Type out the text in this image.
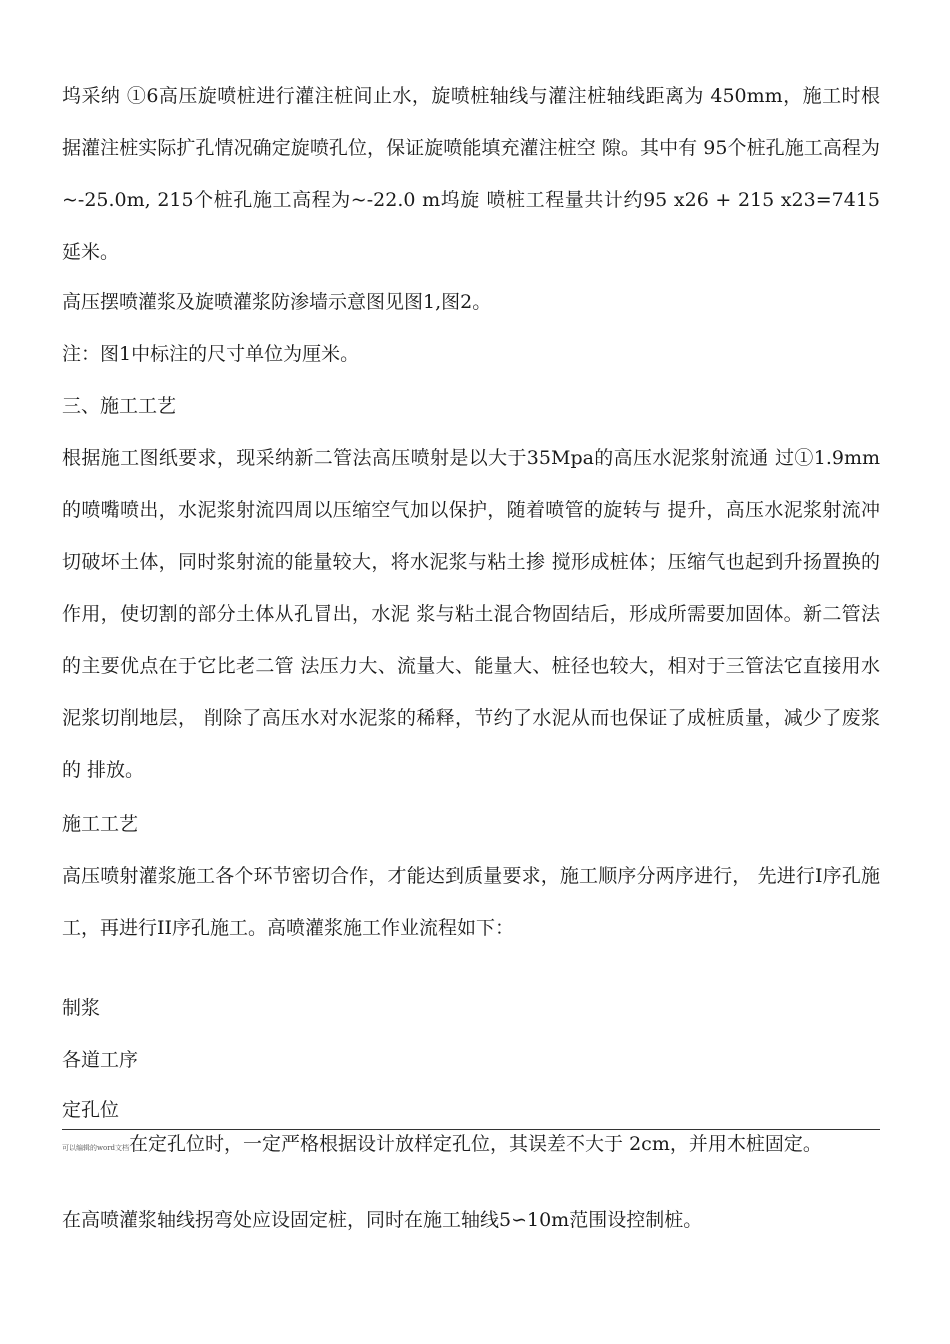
坞采纳 ①6高压旋喷桩进行灌注桩间止水，旋喷桩轴线与灌注桩轴线距离为 450mm，施工时根据灌注桩实际扩孔情况确定旋喷孔位，保证旋喷能填充灌注桩空 隙。其中有 95个桩孔施工高程为~-25.0m, 215个桩孔施工高程为~-22.0 m坞旋 喷桩工程量共计约95 x26 + 215 x23=7415延米。

高压摆喷灌浆及旋喷灌浆防渗墙示意图见图1,图2。

注：图1中标注的尺寸单位为厘米。

三、施工工艺

根据施工图纸要求，现采纳新二管法高压喷射是以大于35Mpa的高压水泥浆射流通 过①1.9mm的喷嘴喷出，水泥浆射流四周以压缩空气加以保护，随着喷管的旋转与 提升，高压水泥浆射流冲切破坏土体，同时浆射流的能量较大，将水泥浆与粘土掺 搅形成桩体；压缩气也起到升扬置换的作用，使切割的部分土体从孔冒出，水泥 浆与粘土混合物固结后，形成所需要加固体。新二管法的主要优点在于它比老二管 法压力大、流量大、能量大、桩径也较大，相对于三管法它直接用水泥浆切削地层， 削除了高压水对水泥浆的稀释，节约了水泥从而也保证了成桩质量，减少了废浆的 排放。

施工工艺

高压喷射灌浆施工各个环节密切合作，才能达到质量要求，施工顺序分两序进行， 先进行I序孔施工，再进行II序孔施工。高喷灌浆施工作业流程如下：

制浆

各道工序

定孔位

可以编辑的word文档在定孔位时，一定严格根据设计放样定孔位，其误差不大于 2cm，并用木桩固定。

在高喷灌浆轴线拐弯处应设固定桩，同时在施工轴线5∽10m范围设控制桩。
